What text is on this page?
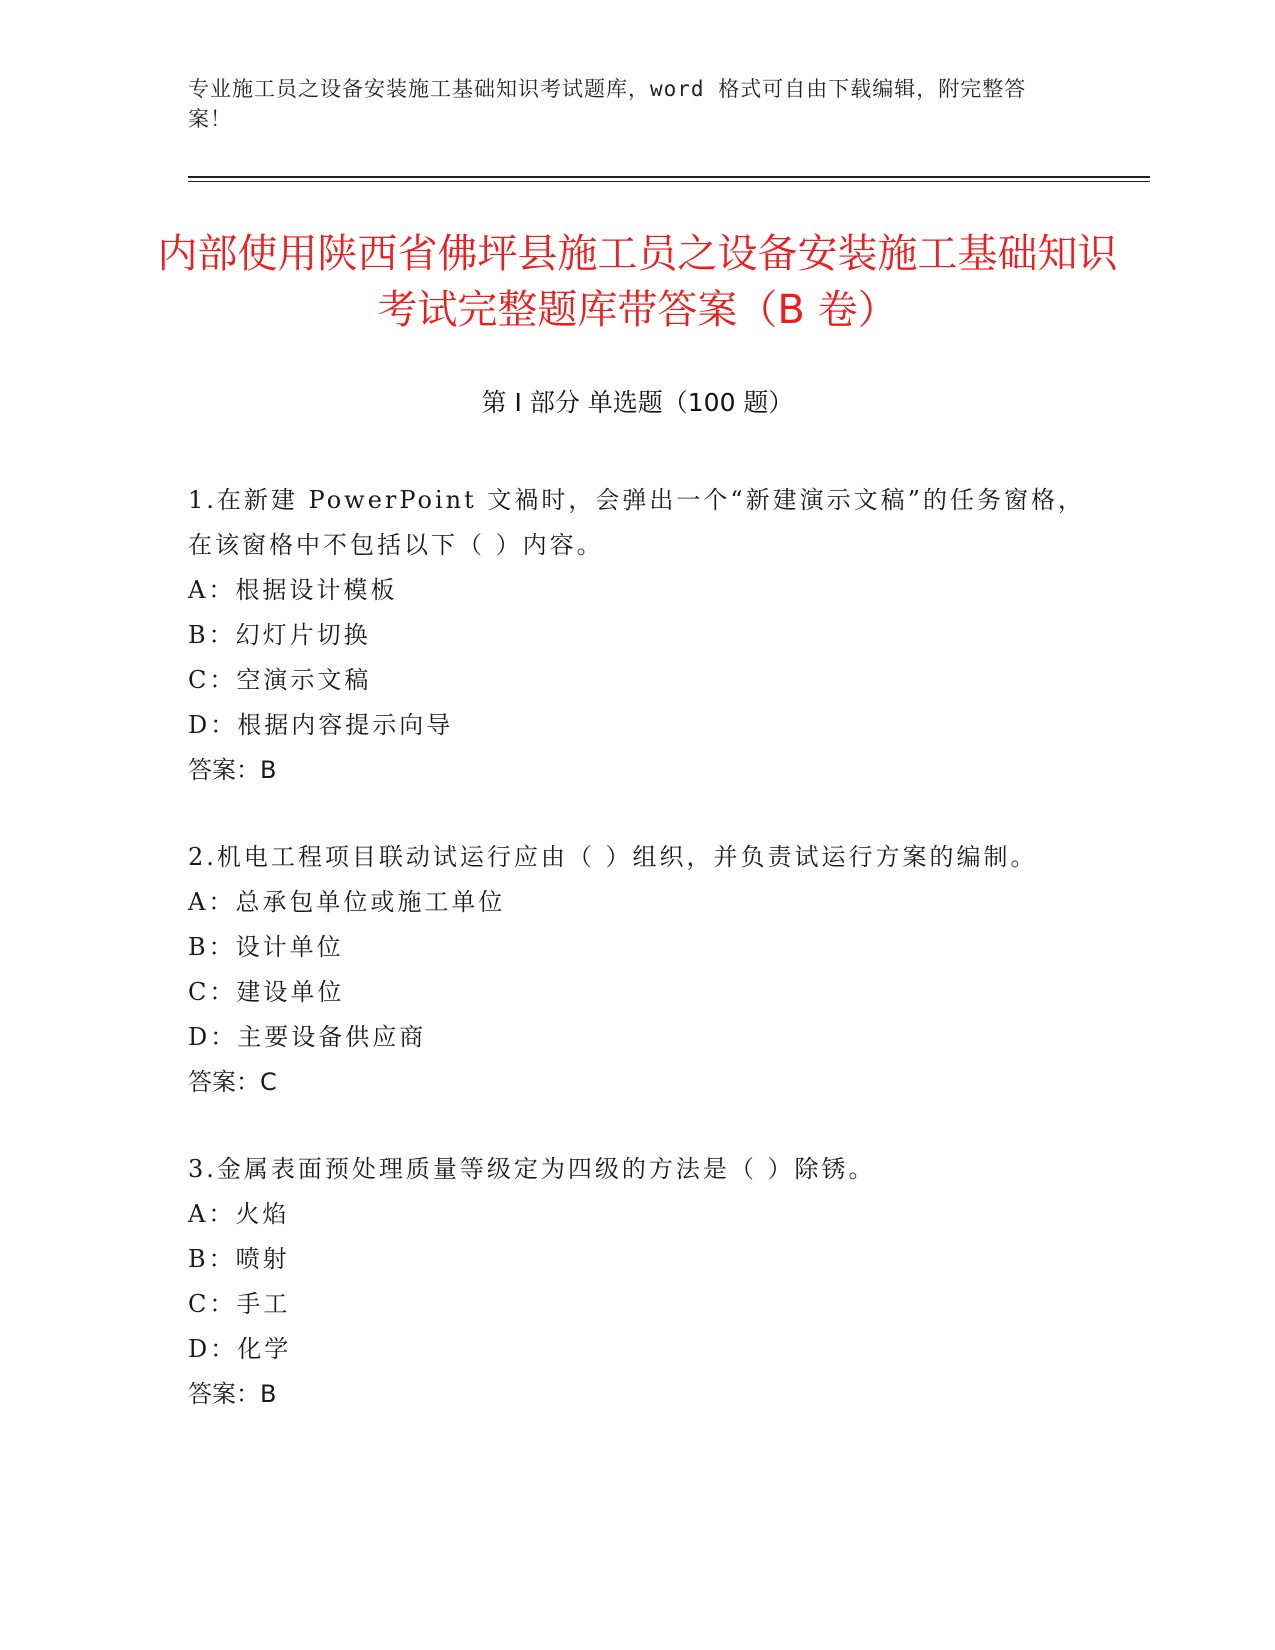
专业施工员之设备安装施工基础知识考试题库，word 格式可自由下载编辑，附完整答案！
内部使用陕西省佛坪县施工员之设备安装施工基础知识考试完整题库带答案（B 卷）
第 I 部分 单选题（100 题）

1.在新建 PowerPoint 文禍时，会弹出一个“新建演示文稿”的任务窗格，在该窗格中不包括以下（ ）内容。

A：根据设计模板

B：幻灯片切换

C：空演示文稿

D：根据内容提示向导

答案：B

2.机电工程项目联动试运行应由（ ）组织，并负责试运行方案的编制。

A：总承包单位或施工单位

B：设计单位

C：建设单位

D：主要设备供应商

答案：C

3.金属表面预处理质量等级定为四级的方法是（ ）除锈。

A：火焰

B：喷射

C：手工

D：化学

答案：B
